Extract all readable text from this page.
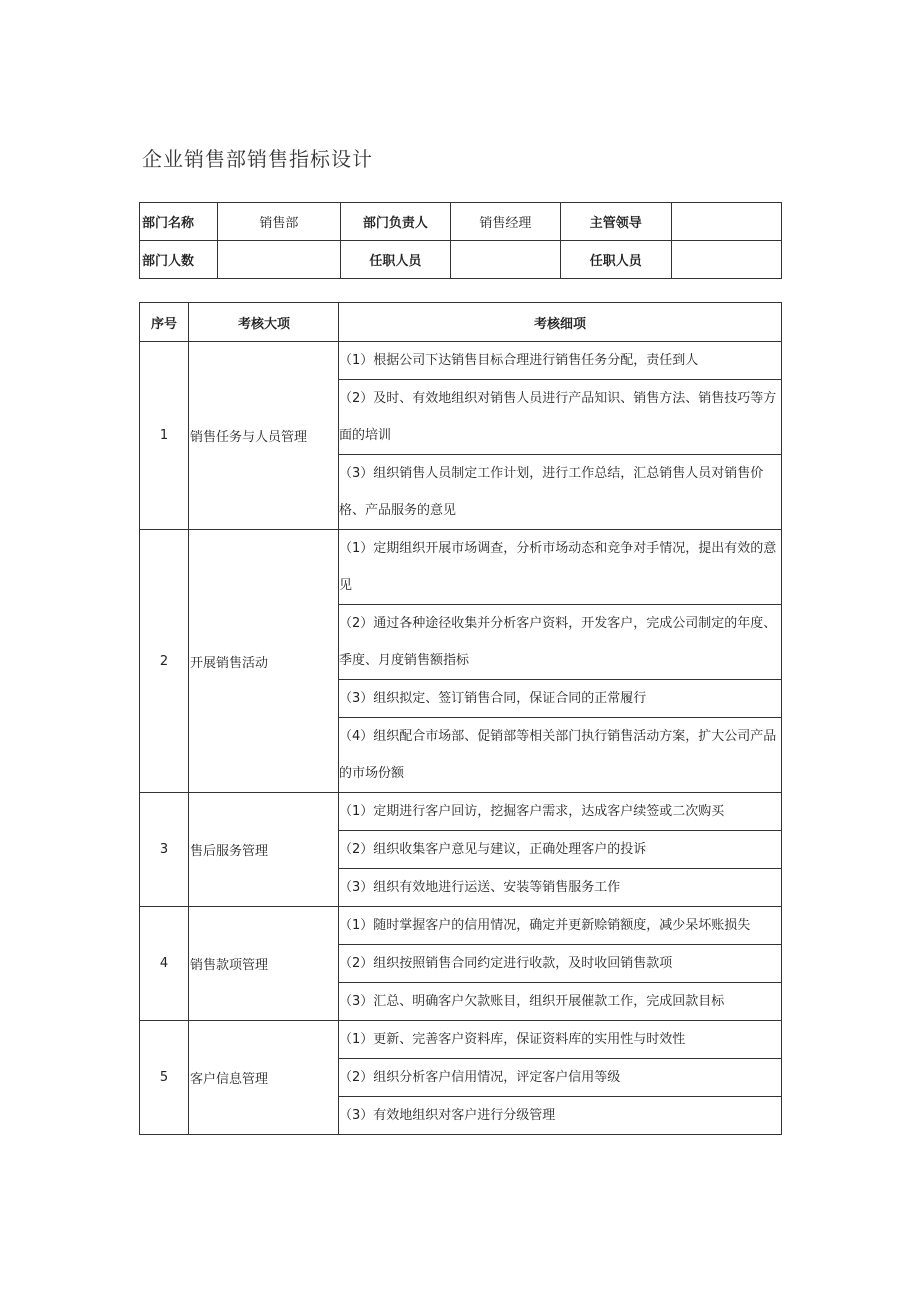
企业销售部销售指标设计
部门名称	销售部	部门负责人	销售经理	主管领导	
部门人数		任职人员		任职人员	
序号	考核大项	考核细项
1	销售任务与人员管理	（1）根据公司下达销售目标合理进行销售任务分配，责任到人
		（2）及时、有效地组织对销售人员进行产品知识、销售方法、销售技巧等方面的培训
		（3）组织销售人员制定工作计划，进行工作总结，汇总销售人员对销售价格、产品服务的意见
2	开展销售活动	（1）定期组织开展市场调查，分析市场动态和竞争对手情况，提出有效的意见
		（2）通过各种途径收集并分析客户资料，开发客户，完成公司制定的年度、季度、月度销售额指标
		（3）组织拟定、签订销售合同，保证合同的正常履行
		（4）组织配合市场部、促销部等相关部门执行销售活动方案，扩大公司产品的市场份额
3	售后服务管理	（1）定期进行客户回访，挖掘客户需求，达成客户续签或二次购买
		（2）组织收集客户意见与建议，正确处理客户的投诉
		（3）组织有效地进行运送、安装等销售服务工作
4	销售款项管理	（1）随时掌握客户的信用情况，确定并更新赊销额度，减少呆坏账损失
		（2）组织按照销售合同约定进行收款，及时收回销售款项
		（3）汇总、明确客户欠款账目，组织开展催款工作，完成回款目标
5	客户信息管理	（1）更新、完善客户资料库，保证资料库的实用性与时效性
		（2）组织分析客户信用情况，评定客户信用等级
		（3）有效地组织对客户进行分级管理
